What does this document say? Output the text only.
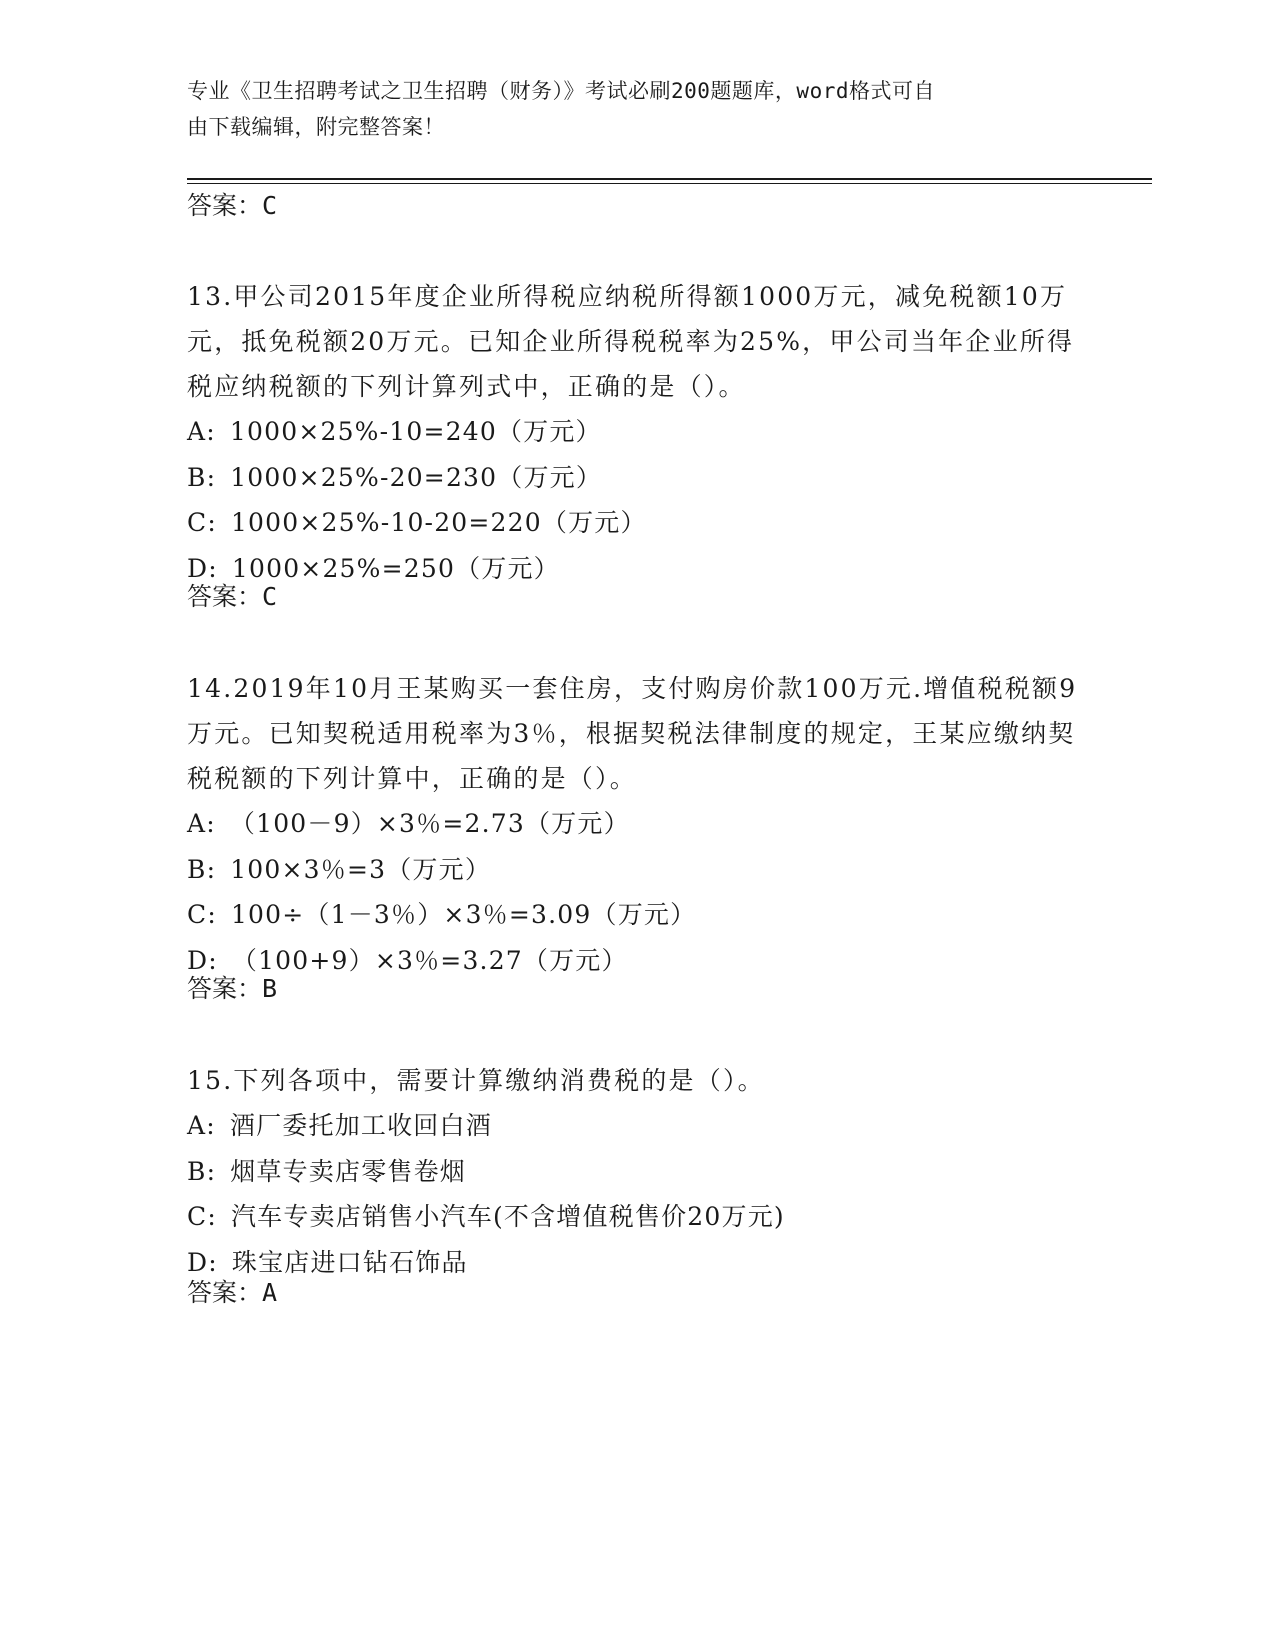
专业《卫生招聘考试之卫生招聘（财务）》考试必刷200题题库，word格式可自
由下载编辑，附完整答案！
答案：C
13.甲公司2015年度企业所得税应纳税所得额1000万元，减免税额10万元，抵免税额20万元。已知企业所得税税率为25%，甲公司当年企业所得税应纳税额的下列计算列式中，正确的是（）。
A: 1000×25%-10=240（万元）
B: 1000×25%-20=230（万元）
C: 1000×25%-10-20=220（万元）
D: 1000×25%=250（万元）
答案：C
14.2019年10月王某购买一套住房，支付购房价款100万元.增值税税额9万元。已知契税适用税率为3％，根据契税法律制度的规定，王某应缴纳契税税额的下列计算中，正确的是（）。
A: （100－9）×3％=2.73（万元）
B: 100×3％=3（万元）
C: 100÷（1－3％）×3％=3.09（万元）
D: （100+9）×3％=3.27（万元）
答案：B
15.下列各项中，需要计算缴纳消费税的是（）。
A: 酒厂委托加工收回白酒
B: 烟草专卖店零售卷烟
C: 汽车专卖店销售小汽车(不含增值税售价20万元)
D: 珠宝店进口钻石饰品
答案：A
